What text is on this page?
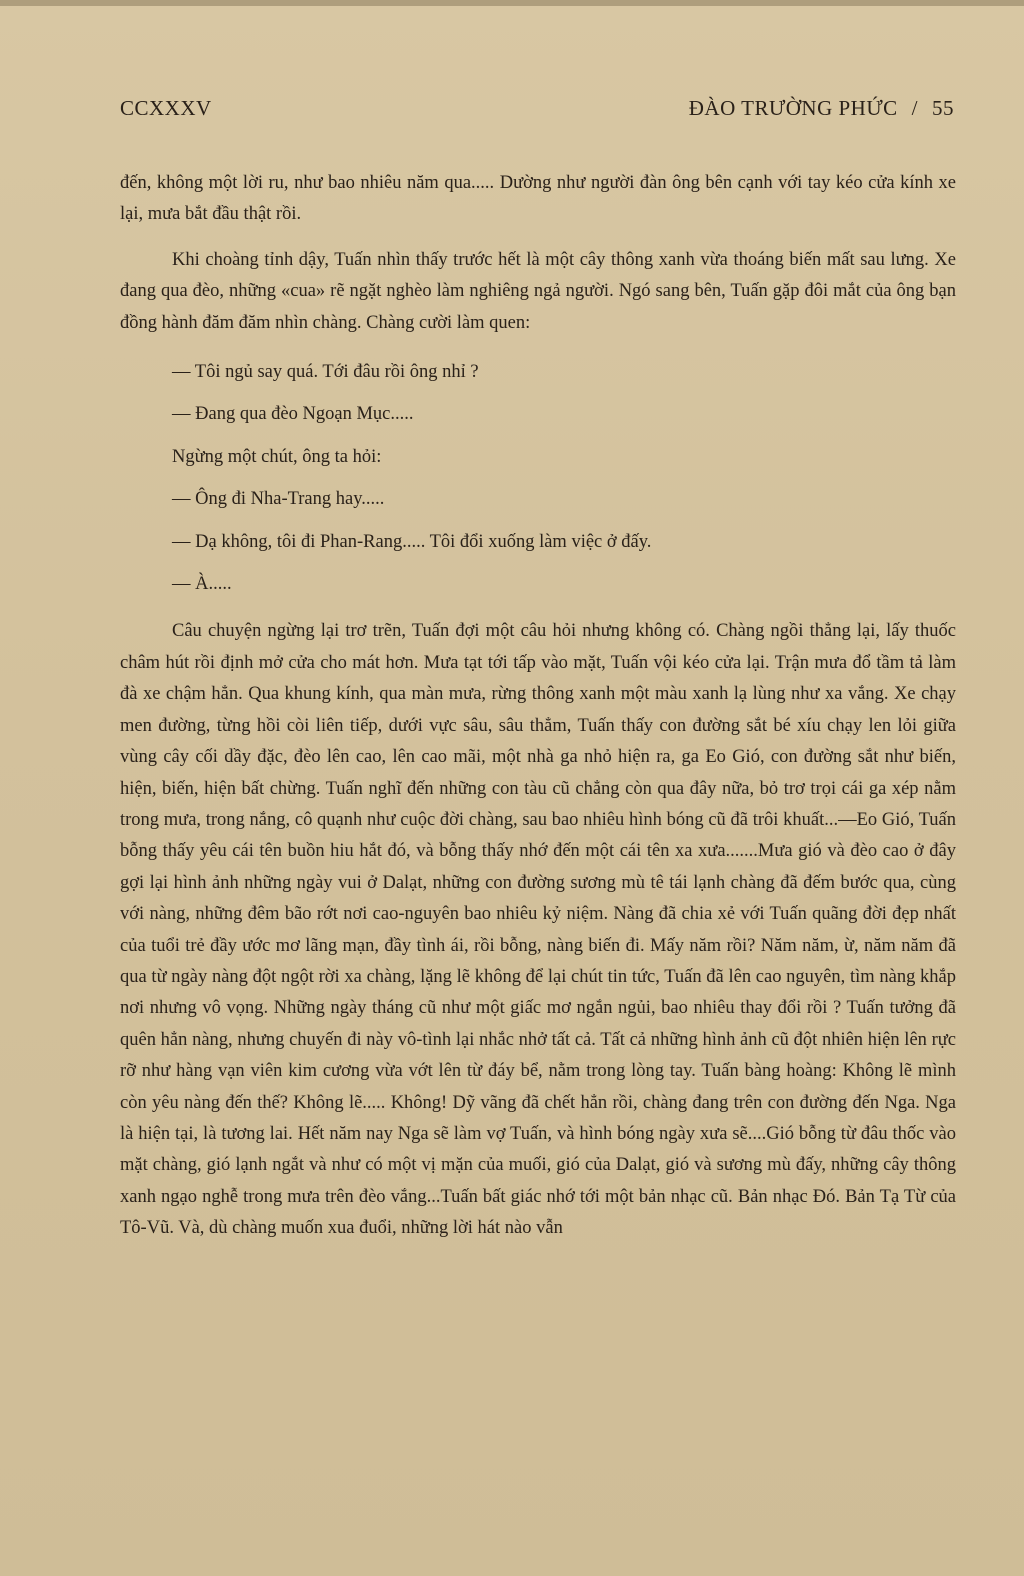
CCXXXV	ĐÀO TRƯỜNG PHỨC / 55

đến, không một lời ru, như bao nhiêu năm qua..... Dường như người đàn ông bên cạnh với tay kéo cửa kính xe lại, mưa bắt đầu thật rồi.

Khi choàng tỉnh dậy, Tuấn nhìn thấy trước hết là một cây thông xanh vừa thoáng biến mất sau lưng. Xe đang qua đèo, những «cua» rẽ ngặt nghèo làm nghiêng ngả người. Ngó sang bên, Tuấn gặp đôi mắt của ông bạn đồng hành đăm đăm nhìn chàng. Chàng cười làm quen:

— Tôi ngủ say quá. Tới đâu rồi ông nhỉ ?

— Đang qua đèo Ngoạn Mục.....

Ngừng một chút, ông ta hỏi:

— Ông đi Nha-Trang hay.....

— Dạ không, tôi đi Phan-Rang..... Tôi đổi xuống làm việc ở đấy.

— À.....

Câu chuyện ngừng lại trơ trẽn, Tuấn đợi một câu hỏi nhưng không có. Chàng ngồi thẳng lại, lấy thuốc châm hút rồi định mở cửa cho mát hơn. Mưa tạt tới tấp vào mặt, Tuấn vội kéo cửa lại. Trận mưa đổ tầm tả làm đà xe chậm hẳn. Qua khung kính, qua màn mưa, rừng thông xanh một màu xanh lạ lùng như xa vắng. Xe chạy men đường, từng hồi còi liên tiếp, dưới vực sâu, sâu thẳm, Tuấn thấy con đường sắt bé xíu chạy len lỏi giữa vùng cây cối dầy đặc, đèo lên cao, lên cao mãi, một nhà ga nhỏ hiện ra, ga Eo Gió, con đường sắt như biến, hiện, biến, hiện bất chừng. Tuấn nghĩ đến những con tàu cũ chẳng còn qua đây nữa, bỏ trơ trọi cái ga xép nằm trong mưa, trong nắng, cô quạnh như cuộc đời chàng, sau bao nhiêu hình bóng cũ đã trôi khuất...—Eo Gió, Tuấn bỗng thấy yêu cái tên buồn hiu hắt đó, và bỗng thấy nhớ đến một cái tên xa xưa.......Mưa gió và đèo cao ở đây gợi lại hình ảnh những ngày vui ở Dalạt, những con đường sương mù tê tái lạnh chàng đã đếm bước qua, cùng với nàng, những đêm bão rớt nơi cao-nguyên bao nhiêu kỷ niệm. Nàng đã chia xẻ với Tuấn quãng đời đẹp nhất của tuổi trẻ đầy ước mơ lãng mạn, đầy tình ái, rồi bỗng, nàng biến đi. Mấy năm rồi? Năm năm, ừ, năm năm đã qua từ ngày nàng đột ngột rời xa chàng, lặng lẽ không để lại chút tin tức, Tuấn đã lên cao nguyên, tìm nàng khắp nơi nhưng vô vọng. Những ngày tháng cũ như một giấc mơ ngắn ngủi, bao nhiêu thay đổi rồi ? Tuấn tưởng đã quên hẳn nàng, nhưng chuyến đi này vô-tình lại nhắc nhở tất cả. Tất cả những hình ảnh cũ đột nhiên hiện lên rực rỡ như hàng vạn viên kim cương vừa vớt lên từ đáy bể, nằm trong lòng tay. Tuấn bàng hoàng: Không lẽ mình còn yêu nàng đến thế? Không lẽ..... Không! Dỹ vãng đã chết hẳn rồi, chàng đang trên con đường đến Nga. Nga là hiện tại, là tương lai. Hết năm nay Nga sẽ làm vợ Tuấn, và hình bóng ngày xưa sẽ....Gió bỗng từ đâu thốc vào mặt chàng, gió lạnh ngắt và như có một vị mặn của muối, gió của Dalạt, gió và sương mù đấy, những cây thông xanh ngạo nghễ trong mưa trên đèo vắng...Tuấn bất giác nhớ tới một bản nhạc cũ. Bản nhạc Đó. Bản Tạ Từ của Tô-Vũ. Và, dù chàng muốn xua đuổi, những lời hát nào vẫn
